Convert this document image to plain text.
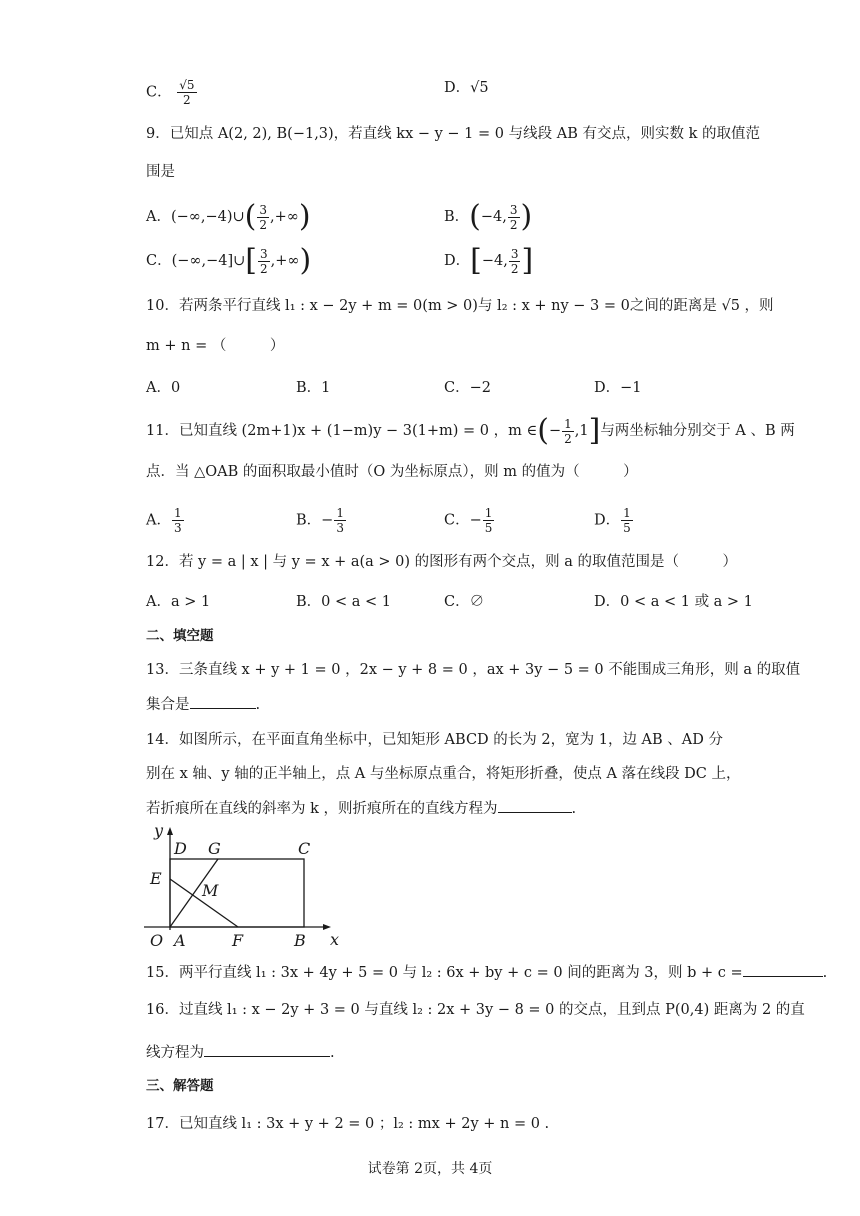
C． $\frac{√5}{2}$	D．√5
9．已知点 A(2, 2), B(−1,3)，若直线 kx − y − 1 = 0 与线段 AB 有交点，则实数 k 的取值范
围是
A．(−∞,−4)∪( $\frac{3}{2}$ ,+∞)	B．(−4, $\frac{3}{2}$ )
C．(−∞,−4]∪[ $\frac{3}{2}$ ,+∞)	D．[−4, $\frac{3}{2}$ ]
10．若两条平行直线 l₁ : x − 2y + m = 0(m > 0)与 l₂ : x + ny − 3 = 0之间的距离是 √5 ，则
m + n = （　　　）
A．0	B．1	C．−2	D．−1
11．已知直线 (2m+1)x + (1−m)y − 3(1+m) = 0 ，m ∈(− $\frac{1}{2} ,1$]与两坐标轴分别交于 A 、B 两
点．当 △OAB 的面积取最小值时（O 为坐标原点），则 m 的值为（　　　）
A． $\frac{1}{3}$	B．− $\frac{1}{3}$	C．− $\frac{1}{5}$	D． $\frac{1}{5}$
12．若 y = a | x | 与 y = x + a(a > 0) 的图形有两个交点，则 a 的取值范围是（　　　）
A．a > 1	B．0 < a < 1	C．∅	D．0 < a < 1 或 a > 1
二、填空题
13．三条直线 x + y + 1 = 0 ，2x − y + 8 = 0 ，ax + 3y − 5 = 0 不能围成三角形，则 a 的取值
集合是	.
14．如图所示，在平面直角坐标中，已知矩形 ABCD 的长为 2，宽为 1，边 AB 、AD 分
别在 x 轴、y 轴的正半轴上，点 A 与坐标原点重合，将矩形折叠，使点 A 落在线段 DC 上，
若折痕所在直线的斜率为 k ，则折痕所在的直线方程为	.
y
x
D G	C
E
M
O A	F	B
15．两平行直线 l₁ : 3x + 4y + 5 = 0 与 l₂ : 6x + by + c = 0 间的距离为 3，则 b + c =	.
16．过直线 l₁ : x − 2y + 3 = 0 与直线 l₂ : 2x + 3y − 8 = 0 的交点，且到点 P(0,4) 距离为 2 的直
线方程为	.
三、解答题
17．已知直线 l₁ : 3x + y + 2 = 0 ；l₂ : mx + 2y + n = 0 .
试卷第 2页，共 4页
